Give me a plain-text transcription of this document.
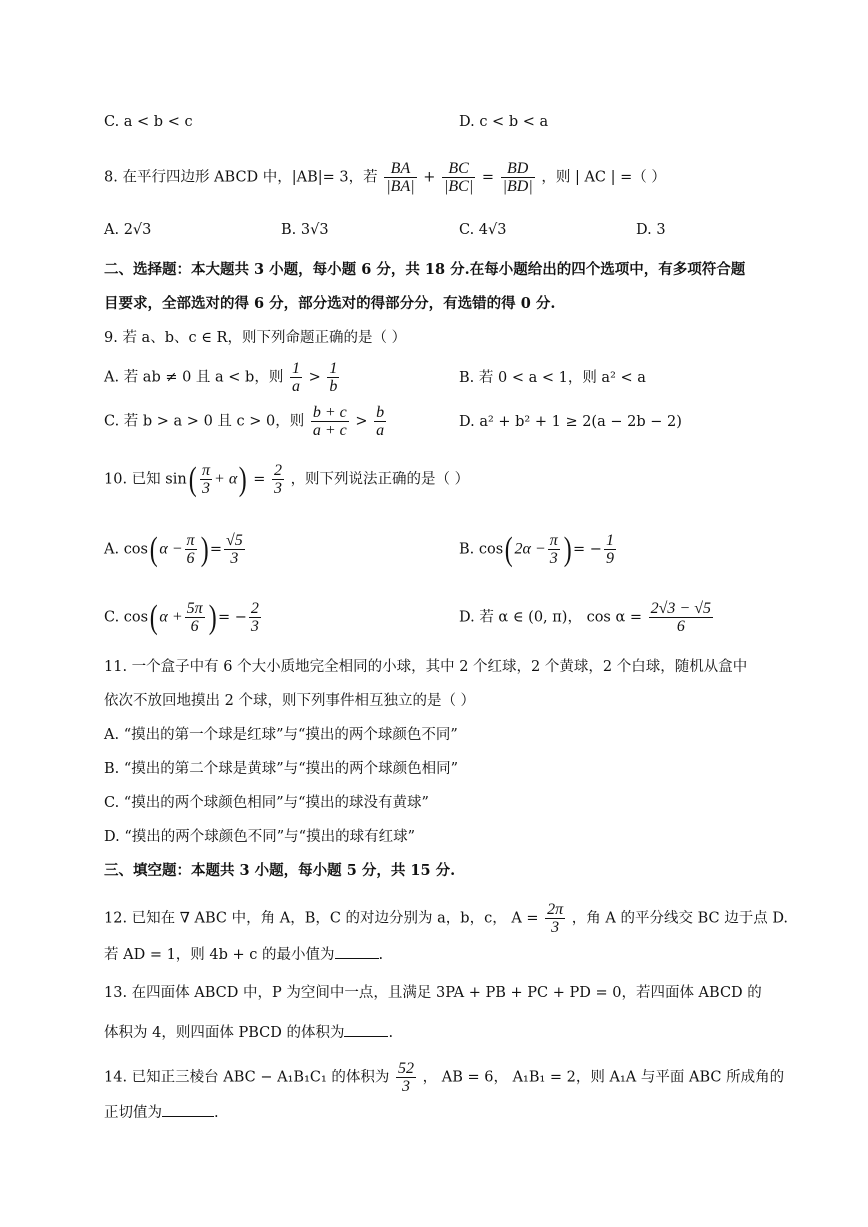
C. a < b < c	D. c < b < a
8. 在平行四边形 ABCD 中，|AB|= 3，若 $\frac{BA}{|BA|} + \frac{BC}{|BC|} = \frac{BD}{|BD|}$ ，则 | AC | =（ ）
A. 2√3	B. 3√3	C. 4√3	D. 3
二、选择题：本大题共 3 小题，每小题 6 分，共 18 分.在每小题给出的四个选项中，有多项符合题
目要求，全部选对的得 6 分，部分选对的得部分分，有选错的得 0 分.
9. 若 a、b、c ∈ R，则下列命题正确的是（ ）
A. 若 ab ≠ 0 且 a < b，则 $\frac{1}{a} > \frac{1}{b}$	B. 若 0 < a < 1，则 a² < a
C. 若 b > a > 0 且 c > 0，则 $\frac{b + c}{a + c} > \frac{b}{a}$	D. a² + b² + 1 ≥ 2(a − 2b − 2)
10. 已知 $\sin( \frac{\pi}{3} + \alpha) = \frac{2}{3}$ ，则下列说法正确的是（ ）
A. cos( $\alpha - \frac{\pi}{6}$ ) = $\frac{√5}{3}$	B. cos( $2\alpha - \frac{\pi}{3}$ ) = − $\frac{1}{9}$
C. cos( $\alpha + \frac{5\pi}{6}$ ) = − $\frac{2}{3}$	D. 若 α ∈ (0, π)， $\cos \alpha = \frac{2√3 - √5}{6}$
11. 一个盒子中有 6 个大小质地完全相同的小球，其中 2 个红球，2 个黄球，2 个白球，随机从盒中
依次不放回地摸出 2 个球，则下列事件相互独立的是（ ）
A. “摸出的第一个球是红球”与“摸出的两个球颜色不同”
B. “摸出的第二个球是黄球”与“摸出的两个球颜色相同”
C. “摸出的两个球颜色相同”与“摸出的球没有黄球”
D. “摸出的两个球颜色不同”与“摸出的球有红球”
三、填空题：本题共 3 小题，每小题 5 分，共 15 分.
12. 已知在 ∇ ABC 中，角 A，B，C 的对边分别为 a，b，c， $A = \frac{2\pi}{3}$ ，角 A 的平分线交 BC 边于点 D.
若 AD = 1，则 4b + c 的最小值为	.
13. 在四面体 ABCD 中，P 为空间中一点，且满足 3PA + PB + PC + PD = 0，若四面体 ABCD 的
体积为 4，则四面体 PBCD 的体积为	.
14. 已知正三棱台 ABC − A₁B₁C₁ 的体积为 $\frac{52}{3}$ ， AB = 6， A₁B₁ = 2，则 A₁A 与平面 ABC 所成角的
正切值为	.
